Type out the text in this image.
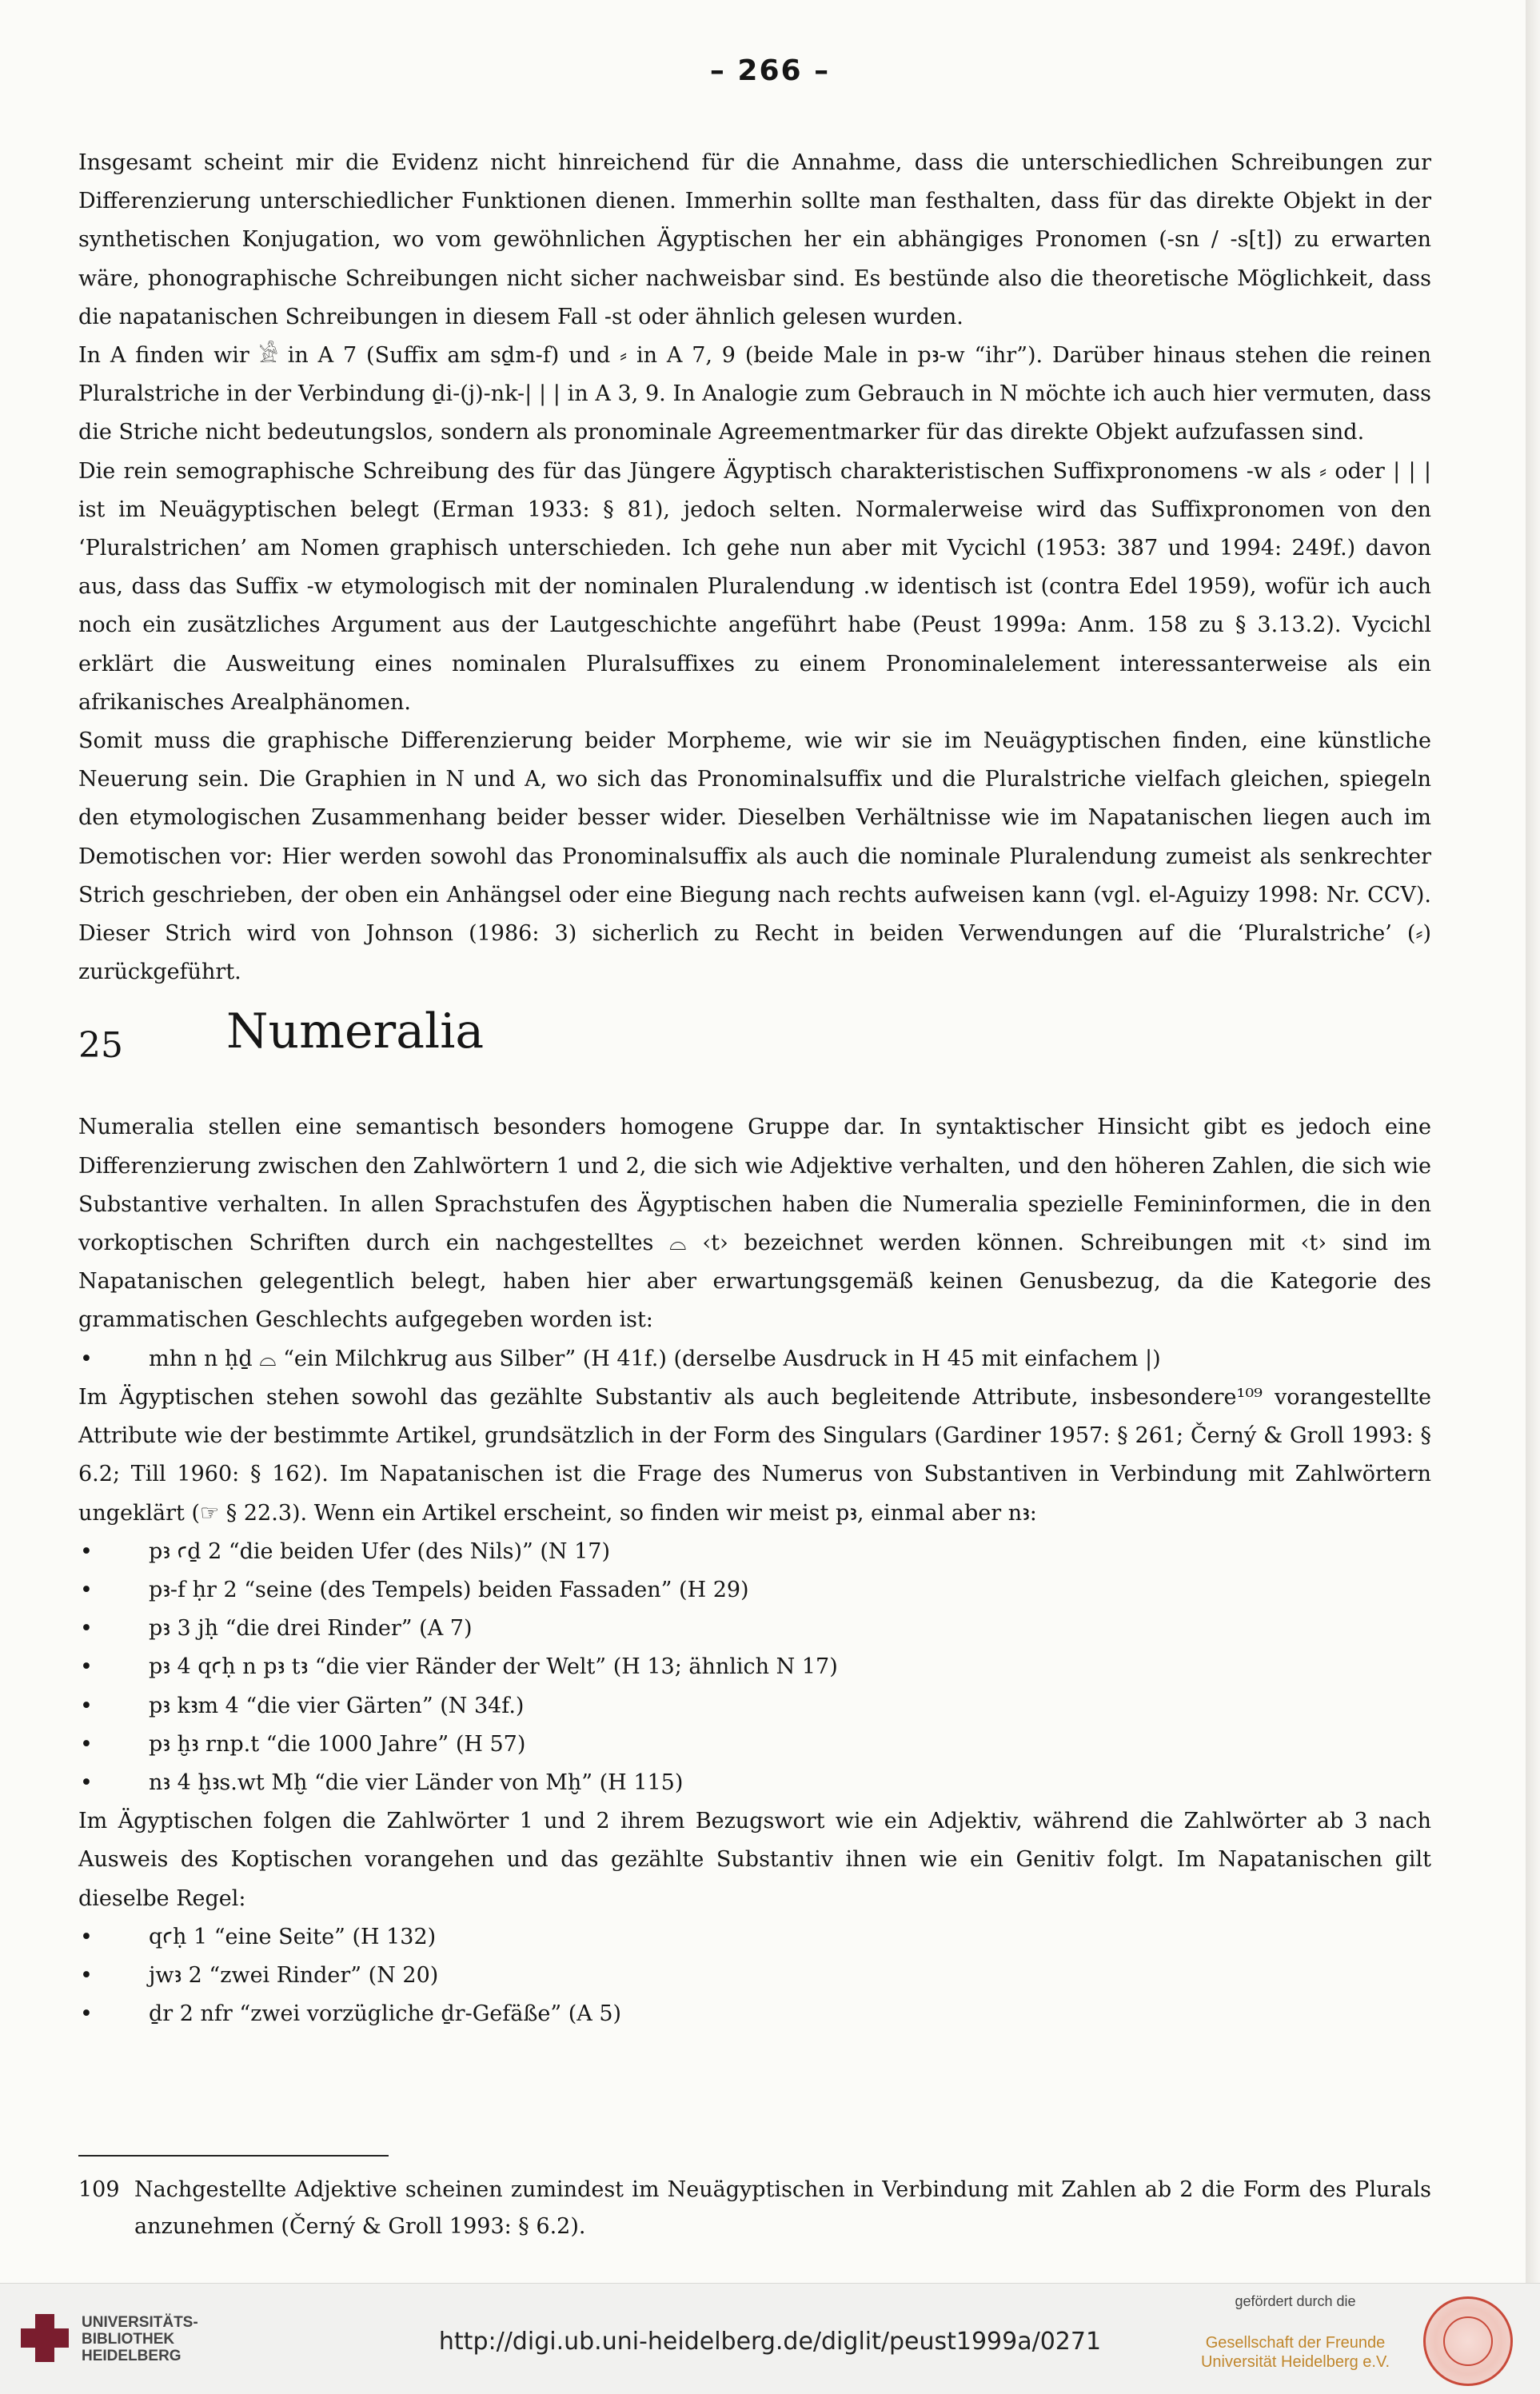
– 266 –

Insgesamt scheint mir die Evidenz nicht hinreichend für die Annahme, dass die unterschiedlichen Schreibungen zur Differenzierung unterschiedlicher Funktionen dienen. Immerhin sollte man festhalten, dass für das direkte Objekt in der synthetischen Konjugation, wo vom gewöhnlichen Ägyptischen her ein abhängiges Pronomen (-sn / -s[t]) zu erwarten wäre, phonographische Schreibungen nicht sicher nachweisbar sind. Es bestünde also die theoretische Möglichkeit, dass die napatanischen Schreibungen in diesem Fall -st oder ähnlich gelesen wurden.

In A finden wir 𓀀 in A 7 (Suffix am sḏm-f) und ⸗ in A 7, 9 (beide Male in pꜣ-w “ihr”). Darüber hinaus stehen die reinen Pluralstriche in der Verbindung ḏi-(j)-nk-| | | in A 3, 9. In Analogie zum Gebrauch in N möchte ich auch hier vermuten, dass die Striche nicht bedeutungslos, sondern als pronominale Agreementmarker für das direkte Objekt aufzufassen sind.

Die rein semographische Schreibung des für das Jüngere Ägyptisch charakteristischen Suffixpronomens -w als ⸗ oder | | | ist im Neuägyptischen belegt (Erman 1933: § 81), jedoch selten. Normalerweise wird das Suffixpronomen von den ‘Pluralstrichen’ am Nomen graphisch unterschieden. Ich gehe nun aber mit Vycichl (1953: 387 und 1994: 249f.) davon aus, dass das Suffix -w etymologisch mit der nominalen Pluralendung .w identisch ist (contra Edel 1959), wofür ich auch noch ein zusätzliches Argument aus der Lautgeschichte angeführt habe (Peust 1999a: Anm. 158 zu § 3.13.2). Vycichl erklärt die Ausweitung eines nominalen Pluralsuffixes zu einem Pronominalelement interessanterweise als ein afrikanisches Arealphänomen.

Somit muss die graphische Differenzierung beider Morpheme, wie wir sie im Neuägyptischen finden, eine künstliche Neuerung sein. Die Graphien in N und A, wo sich das Pronominalsuffix und die Pluralstriche vielfach gleichen, spiegeln den etymologischen Zusammenhang beider besser wider. Dieselben Verhältnisse wie im Napatanischen liegen auch im Demotischen vor: Hier werden sowohl das Pronominalsuffix als auch die nominale Pluralendung zumeist als senkrechter Strich geschrieben, der oben ein Anhängsel oder eine Biegung nach rechts aufweisen kann (vgl. el-Aguizy 1998: Nr. CCV). Dieser Strich wird von Johnson (1986: 3) sicherlich zu Recht in beiden Verwendungen auf die ‘Pluralstriche’ (⸗) zurückgeführt.

25 Numeralia

Numeralia stellen eine semantisch besonders homogene Gruppe dar. In syntaktischer Hinsicht gibt es jedoch eine Differenzierung zwischen den Zahlwörtern 1 und 2, die sich wie Adjektive verhalten, und den höheren Zahlen, die sich wie Substantive verhalten. In allen Sprachstufen des Ägyptischen haben die Numeralia spezielle Femininformen, die in den vorkoptischen Schriften durch ein nachgestelltes ⌓ ‹t› bezeichnet werden können. Schreibungen mit ‹t› sind im Napatanischen gelegentlich belegt, haben hier aber erwartungsgemäß keinen Genusbezug, da die Kategorie des grammatischen Geschlechts aufgegeben worden ist:

• mhn n ḥḏ ⌓ “ein Milchkrug aus Silber” (H 41f.) (derselbe Ausdruck in H 45 mit einfachem |)

Im Ägyptischen stehen sowohl das gezählte Substantiv als auch begleitende Attribute, insbesondere¹⁰⁹ vorangestellte Attribute wie der bestimmte Artikel, grundsätzlich in der Form des Singulars (Gardiner 1957: § 261; Černý & Groll 1993: § 6.2; Till 1960: § 162). Im Napatanischen ist die Frage des Numerus von Substantiven in Verbindung mit Zahlwörtern ungeklärt (☞ § 22.3). Wenn ein Artikel erscheint, so finden wir meist pꜣ, einmal aber nꜣ:

• pꜣ ꜥḏ 2 “die beiden Ufer (des Nils)” (N 17)
• pꜣ-f ḥr 2 “seine (des Tempels) beiden Fassaden” (H 29)
• pꜣ 3 jḥ “die drei Rinder” (A 7)
• pꜣ 4 qꜥḥ n pꜣ tꜣ “die vier Ränder der Welt” (H 13; ähnlich N 17)
• pꜣ kꜣm 4 “die vier Gärten” (N 34f.)
• pꜣ ḫꜣ rnp.t “die 1000 Jahre” (H 57)
• nꜣ 4 ḫꜣs.wt Mḫ “die vier Länder von Mḫ” (H 115)

Im Ägyptischen folgen die Zahlwörter 1 und 2 ihrem Bezugswort wie ein Adjektiv, während die Zahlwörter ab 3 nach Ausweis des Koptischen vorangehen und das gezählte Substantiv ihnen wie ein Genitiv folgt. Im Napatanischen gilt dieselbe Regel:

• qꜥḥ 1 “eine Seite” (H 132)
• jwꜣ 2 “zwei Rinder” (N 20)
• ḏr 2 nfr “zwei vorzügliche ḏr-Gefäße” (A 5)
109 Nachgestellte Adjektive scheinen zumindest im Neuägyptischen in Verbindung mit Zahlen ab 2 die Form des Plurals anzunehmen (Černý & Groll 1993: § 6.2).
UNIVERSITÄTS-
BIBLIOTHEK
HEIDELBERG
http://digi.ub.uni-heidelberg.de/diglit/peust1999a/0271
gefördert durch die
Gesellschaft der Freunde
Universität Heidelberg e.V.
